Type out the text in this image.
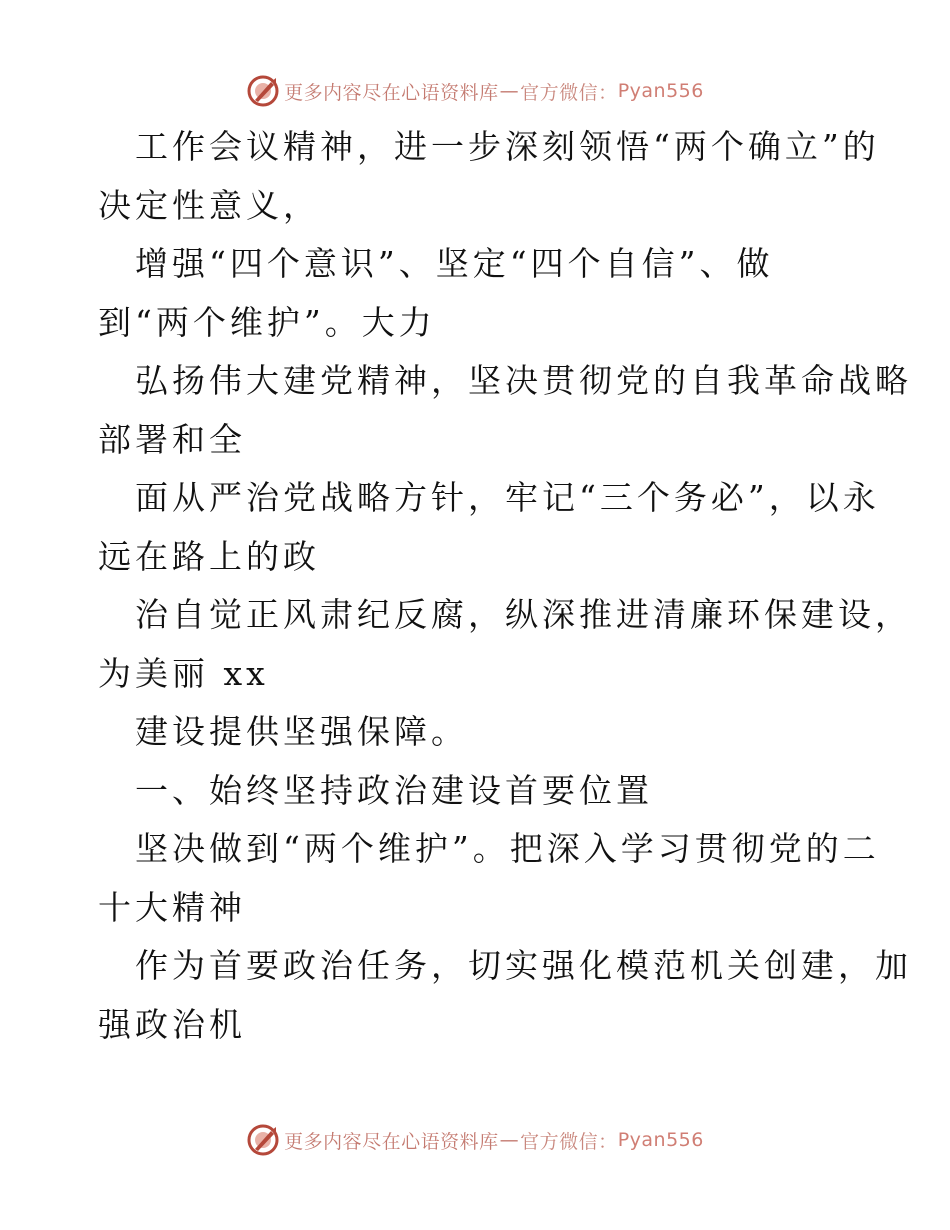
更多内容尽在心语资料库 — 官方微信： Pyan556
工作会议精神，进一步深刻领悟“两个确立”的
决定性意义，
增强“四个意识”、坚定“四个自信”、做
到“两个维护”。大力
弘扬伟大建党精神，坚决贯彻党的自我革命战略
部署和全
面从严治党战略方针，牢记“三个务必”，以永
远在路上的政
治自觉正风肃纪反腐，纵深推进清廉环保建设，
为美丽 xx
建设提供坚强保障。
一、始终坚持政治建设首要位置
坚决做到“两个维护”。把深入学习贯彻党的二
十大精神
作为首要政治任务，切实强化模范机关创建，加
强政治机
更多内容尽在心语资料库 — 官方微信： Pyan556
